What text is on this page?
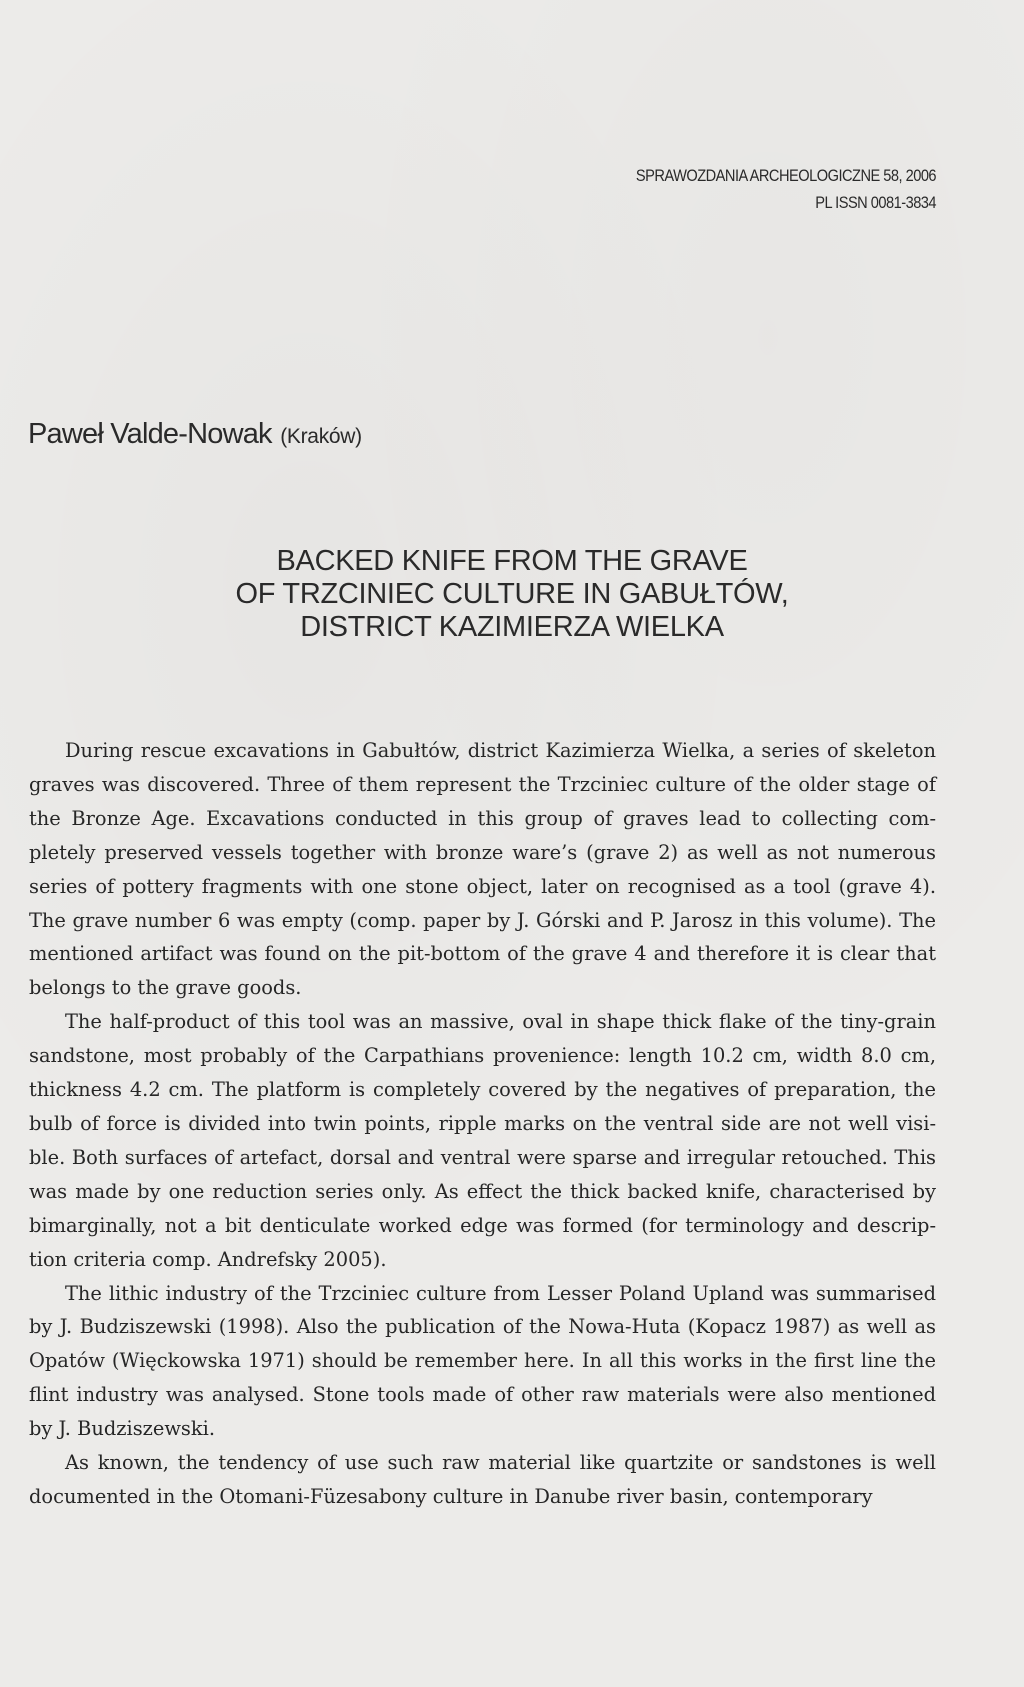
SPRAWOZDANIA ARCHEOLOGICZNE 58, 2006
PL ISSN 0081-3834
Paweł Valde-Nowak (Kraków)
BACKED KNIFE FROM THE GRAVE
OF TRZCINIEC CULTURE IN GABUŁTÓW,
DISTRICT KAZIMIERZA WIELKA

During rescue excavations in Gabułtów, district Kazimierza Wielka, a series of skeleton graves was discovered. Three of them represent the Trzciniec culture of the older stage of the Bronze Age. Excavations conducted in this group of graves lead to collecting completely preserved vessels together with bronze ware’s (grave 2) as well as not numerous series of pottery fragments with one stone object, later on recognised as a tool (grave 4). The grave number 6 was empty (comp. paper by J. Górski and P. Jarosz in this volume). The mentioned artifact was found on the pit-bottom of the grave 4 and therefore it is clear that belongs to the grave goods.

The half-product of this tool was an massive, oval in shape thick flake of the tiny-grain sandstone, most probably of the Carpathians provenience: length 10.2 cm, width 8.0 cm, thickness 4.2 cm. The platform is completely covered by the negatives of preparation, the bulb of force is divided into twin points, ripple marks on the ventral side are not well visible. Both surfaces of artefact, dorsal and ventral were sparse and irregular retouched. This was made by one reduction series only. As effect the thick backed knife, characterised by bimarginally, not a bit denticulate worked edge was formed (for terminology and description criteria comp. Andrefsky 2005).

The lithic industry of the Trzciniec culture from Lesser Poland Upland was summarised by J. Budziszewski (1998). Also the publication of the Nowa-Huta (Kopacz 1987) as well as Opatów (Więckowska 1971) should be remember here. In all this works in the first line the flint industry was analysed. Stone tools made of other raw materials were also mentioned by J. Budziszewski.

As known, the tendency of use such raw material like quartzite or sandstones is well documented in the Otomani-Füzesabony culture in Danube river basin, contemporary
